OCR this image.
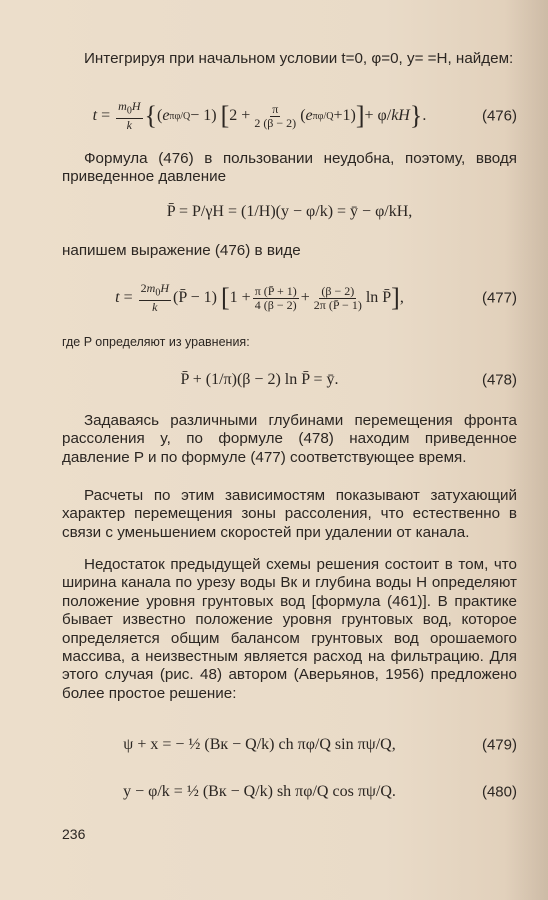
Интегрируя при начальном условии t=0, φ=0, y= =H, найдем:
$t = \frac{m_0H}{k}$ { ( e πφ/Q − 1) [ $2 + \frac{\pi}{2 (\beta - 2)}$ ( e πφ/Q +1) ] + φ/ kH } .	(476)
Формула (476) в пользовании неудобна, поэтому, вводя приведенное давление
P̄ = P/γH = (1/H)(y − φ/k) = ȳ − φ/kH,
напишем выражение (476) в виде
$t = \frac{2m_0H}{k}$ (P̄ − 1) [ $1 + \frac{\pi (P̄ + 1)}{4 (\beta - 2)} + \frac{(\beta - 2)}{2\pi (P̄ - 1)}$ ln P̄ ] ,	(477)
где P определяют из уравнения:
P̄ + (1/π)(β − 2) ln P̄ = ȳ.	(478)
Задаваясь различными глубинами перемещения фронта рассоления y, по формуле (478) находим приведенное давление P и по формуле (477) соответствующее время.
Расчеты по этим зависимостям показывают затухающий характер перемещения зоны рассоления, что естественно в связи с уменьшением скоростей при удалении от канала.
Недостаток предыдущей схемы решения состоит в том, что ширина канала по урезу воды Bк и глубина воды H определяют положение уровня грунтовых вод [формула (461)]. В практике бывает известно положение уровня грунтовых вод, которое определяется общим балансом грунтовых вод орошаемого массива, а неизвестным является расход на фильтрацию. Для этого случая (рис. 48) автором (Аверьянов, 1956) предложено более простое решение:
ψ + x = − ½ (Bк − Q/k) ch πφ/Q sin πψ/Q,	(479)
y − φ/k = ½ (Bк − Q/k) sh πφ/Q cos πψ/Q.	(480)
236
